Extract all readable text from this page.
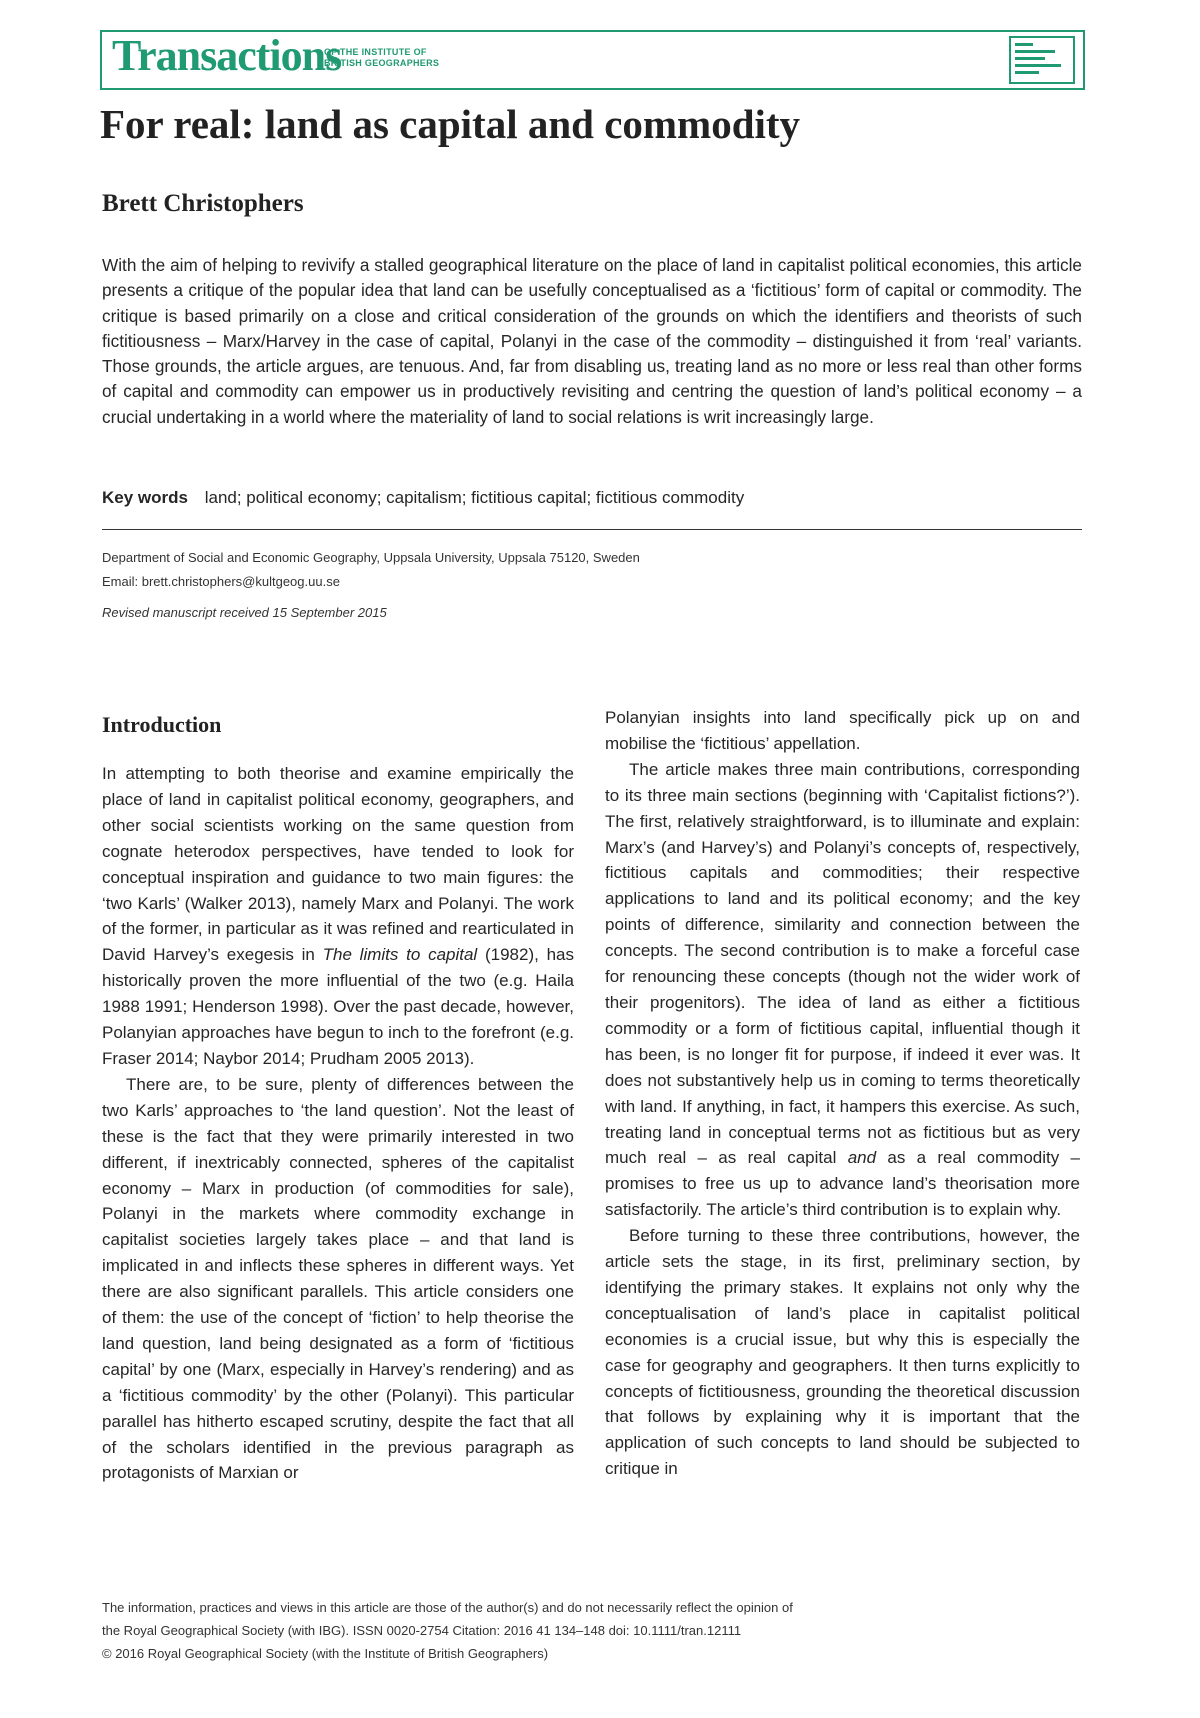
Transactions
OF THE INSTITUTE OF
BRITISH GEOGRAPHERS
For real: land as capital and commodity
Brett Christophers

With the aim of helping to revivify a stalled geographical literature on the place of land in capitalist political economies, this article presents a critique of the popular idea that land can be usefully conceptualised as a ‘fictitious’ form of capital or commodity. The critique is based primarily on a close and critical consideration of the grounds on which the identifiers and theorists of such fictitiousness – Marx/Harvey in the case of capital, Polanyi in the case of the commodity – distinguished it from ‘real’ variants. Those grounds, the article argues, are tenuous. And, far from disabling us, treating land as no more or less real than other forms of capital and commodity can empower us in productively revisiting and centring the question of land’s political economy – a crucial undertaking in a world where the materiality of land to social relations is writ increasingly large.

Key words land; political economy; capitalism; fictitious capital; fictitious commodity
Department of Social and Economic Geography, Uppsala University, Uppsala 75120, Sweden
Email: brett.christophers@kultgeog.uu.se
Revised manuscript received 15 September 2015
Introduction

In attempting to both theorise and examine empirically the place of land in capitalist political economy, geographers, and other social scientists working on the same question from cognate heterodox perspectives, have tended to look for conceptual inspiration and guidance to two main figures: the ‘two Karls’ (Walker 2013), namely Marx and Polanyi. The work of the former, in particular as it was refined and rearticulated in David Harvey’s exegesis in The limits to capital (1982), has historically proven the more influential of the two (e.g. Haila 1988 1991; Henderson 1998). Over the past decade, however, Polanyian approaches have begun to inch to the forefront (e.g. Fraser 2014; Naybor 2014; Prudham 2005 2013).

There are, to be sure, plenty of differences between the two Karls’ approaches to ‘the land question’. Not the least of these is the fact that they were primarily interested in two different, if inextricably connected, spheres of the capitalist economy – Marx in production (of commodities for sale), Polanyi in the markets where commodity exchange in capitalist societies largely takes place – and that land is implicated in and inflects these spheres in different ways. Yet there are also significant parallels. This article considers one of them: the use of the concept of ‘fiction’ to help theorise the land question, land being designated as a form of ‘fictitious capital’ by one (Marx, especially in Harvey’s rendering) and as a ‘fictitious commodity’ by the other (Polanyi). This particular parallel has hitherto escaped scrutiny, despite the fact that all of the scholars identified in the previous paragraph as protagonists of Marxian or

Polanyian insights into land specifically pick up on and mobilise the ‘fictitious’ appellation.

The article makes three main contributions, corresponding to its three main sections (beginning with ‘Capitalist fictions?’). The first, relatively straightforward, is to illuminate and explain: Marx’s (and Harvey’s) and Polanyi’s concepts of, respectively, fictitious capitals and commodities; their respective applications to land and its political economy; and the key points of difference, similarity and connection between the concepts. The second contribution is to make a forceful case for renouncing these concepts (though not the wider work of their progenitors). The idea of land as either a fictitious commodity or a form of fictitious capital, influential though it has been, is no longer fit for purpose, if indeed it ever was. It does not substantively help us in coming to terms theoretically with land. If anything, in fact, it hampers this exercise. As such, treating land in conceptual terms not as fictitious but as very much real – as real capital and as a real commodity – promises to free us up to advance land’s theorisation more satisfactorily. The article’s third contribution is to explain why.

Before turning to these three contributions, however, the article sets the stage, in its first, preliminary section, by identifying the primary stakes. It explains not only why the conceptualisation of land’s place in capitalist political economies is a crucial issue, but why this is especially the case for geography and geographers. It then turns explicitly to concepts of fictitiousness, grounding the theoretical discussion that follows by explaining why it is important that the application of such concepts to land should be subjected to critique in

The information, practices and views in this article are those of the author(s) and do not necessarily reflect the opinion of
the Royal Geographical Society (with IBG). ISSN 0020-2754 Citation: 2016 41 134–148 doi: 10.1111/tran.12111
© 2016 Royal Geographical Society (with the Institute of British Geographers)
